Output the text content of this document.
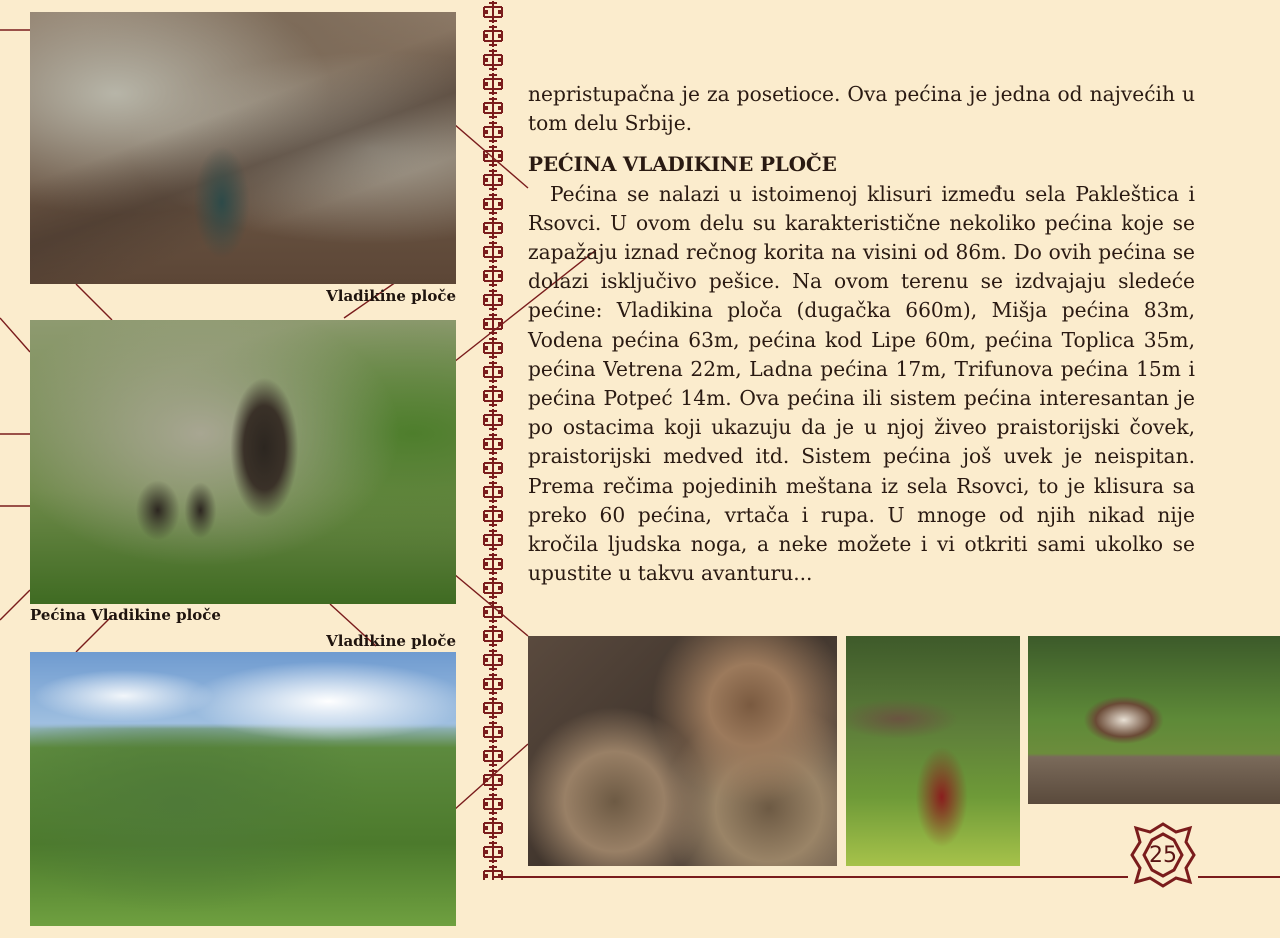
Vladikine ploče
Pećina Vladikine ploče
Vladikine ploče

nepristupačna je za posetioce. Ova pećina je jedna od najvećih u tom delu Srbije.

PEĆINA VLADIKINE PLOČE

Pećina se nalazi u istoimenoj klisuri između sela Pakleštica i Rsovci. U ovom delu su karakteristične nekoliko pećina koje se zapažaju iznad rečnog korita na visini od 86m. Do ovih pećina se dolazi isključivo pešice. Na ovom terenu se izdvajaju sledeće pećine: Vladikina ploča (dugačka 660m), Mišja pećina 83m, Vodena pećina 63m, pećina kod Lipe 60m, pećina Toplica 35m, pećina Vetrena 22m, Ladna pećina 17m, Trifunova pećina 15m i pećina Potpeć 14m. Ova pećina ili sistem pećina interesantan je po ostacima koji ukazuju da je u njoj živeo praistorijski čovek, praistorijski medved itd. Sistem pećina još uvek je neispitan. Prema rečima pojedinih meštana iz sela Rsovci, to je klisura sa preko 60 pećina, vrtača i rupa. U mnoge od njih nikad nije kročila ljudska noga, a neke možete i vi otkriti sami ukolko se upustite u takvu avanturu...

25
